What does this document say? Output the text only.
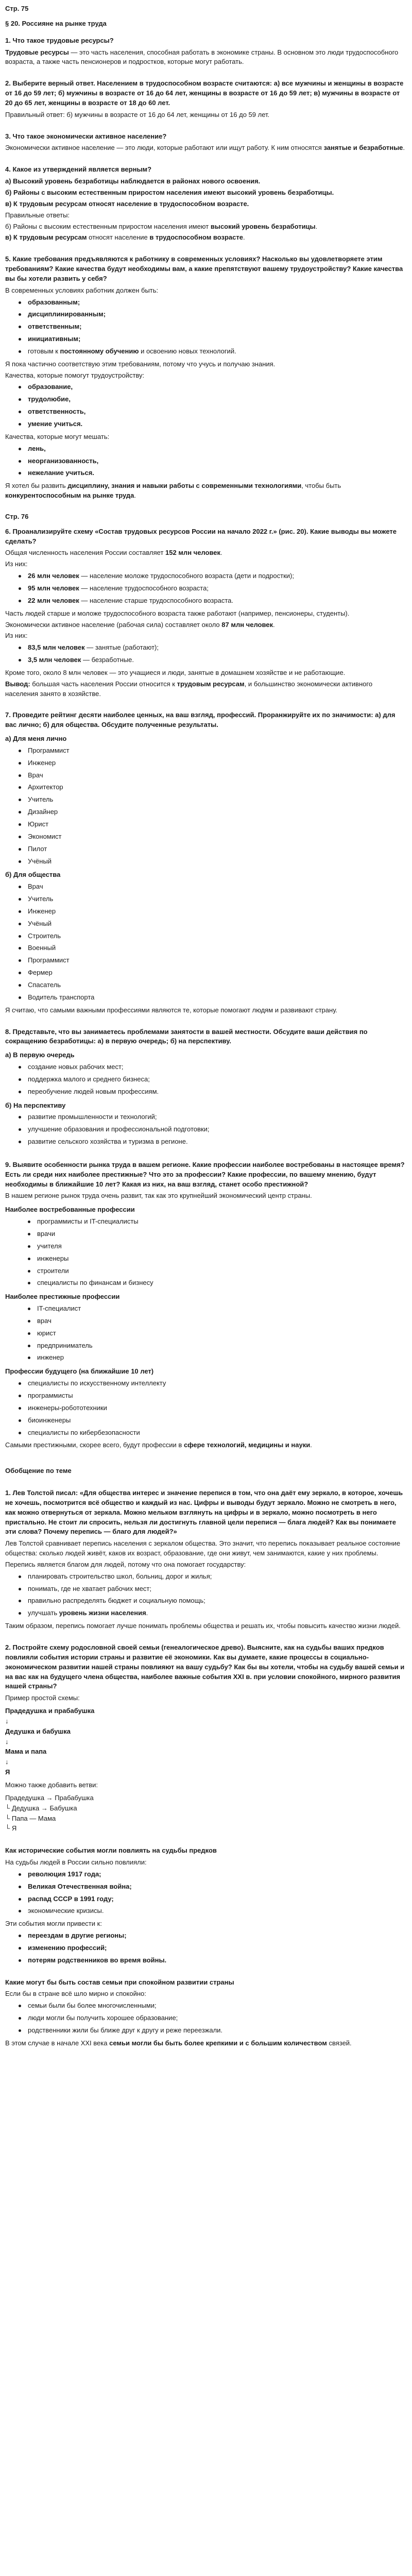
Стр. 75
§ 20. Россияне на рынке труда
1. Что такое трудовые ресурсы?

Трудовые ресурсы — это часть населения, способная работать в экономике страны. В основном это люди трудоспособного возраста, а также часть пенсионеров и подростков, которые могут работать.

2. Выберите верный ответ. Населением в трудоспособном возрасте считаются: а) все мужчины и женщины в возрасте от 16 до 59 лет; б) мужчины в возрасте от 16 до 64 лет, женщины в возрасте от 16 до 59 лет; в) мужчины в возрасте от 20 до 65 лет, женщины в возрасте от 18 до 60 лет.

Правильный ответ: б) мужчины в возрасте от 16 до 64 лет, женщины от 16 до 59 лет.

3. Что такое экономически активное население?

Экономически активное население — это люди, которые работают или ищут работу. К ним относятся занятые и безработные.

4. Какое из утверждений является верным?

а) Высокий уровень безработицы наблюдается в районах нового освоения.

б) Районы с высоким естественным приростом населения имеют высокий уровень безработицы.

в) К трудовым ресурсам относят население в трудоспособном возрасте.

Правильные ответы:

б) Районы с высоким естественным приростом населения имеют высокий уровень безработицы.

в) К трудовым ресурсам относят население в трудоспособном возрасте.

5. Какие требования предъявляются к работнику в современных условиях? Насколько вы удовлетворяете этим требованиям? Какие качества будут необходимы вам, а какие препятствуют вашему трудоустройству? Какие качества вы бы хотели развить у себя?

В современных условиях работник должен быть:

образованным;
дисциплинированным;
ответственным;
инициативным;
готовым к постоянному обучению и освоению новых технологий.

Я пока частично соответствую этим требованиям, потому что учусь и получаю знания.

Качества, которые помогут трудоустройству:

образование,
трудолюбие,
ответственность,
умение учиться.

Качества, которые могут мешать:

лень,
неорганизованность,
нежелание учиться.

Я хотел бы развить дисциплину, знания и навыки работы с современными технологиями, чтобы быть конкурентоспособным на рынке труда.

Стр. 76
6. Проанализируйте схему «Состав трудовых ресурсов России на начало 2022 г.» (рис. 20). Какие выводы вы можете сделать?

Общая численность населения России составляет 152 млн человек.

Из них:

26 млн человек — население моложе трудоспособного возраста (дети и подростки);
95 млн человек — население трудоспособного возраста;
22 млн человек — население старше трудоспособного возраста.

Часть людей старше и моложе трудоспособного возраста также работают (например, пенсионеры, студенты).

Экономически активное население (рабочая сила) составляет около 87 млн человек.

Из них:

83,5 млн человек — занятые (работают);
3,5 млн человек — безработные.

Кроме того, около 8 млн человек — это учащиеся и люди, занятые в домашнем хозяйстве и не работающие.

Вывод: большая часть населения России относится к трудовым ресурсам, и большинство экономически активного населения занято в хозяйстве.

7. Проведите рейтинг десяти наиболее ценных, на ваш взгляд, профессий. Проранжируйте их по значимости: а) для вас лично; б) для общества. Обсудите полученные результаты.
а) Для меня лично
Программист
Инженер
Врач
Архитектор
Учитель
Дизайнер
Юрист
Экономист
Пилот
Учёный
б) Для общества
Врач
Учитель
Инженер
Учёный
Строитель
Военный
Программист
Фермер
Спасатель
Водитель транспорта

Я считаю, что самыми важными профессиями являются те, которые помогают людям и развивают страну.

8. Представьте, что вы занимаетесь проблемами занятости в вашей местности. Обсудите ваши действия по сокращению безработицы: а) в первую очередь; б) на перспективу.
а) В первую очередь
создание новых рабочих мест;
поддержка малого и среднего бизнеса;
переобучение людей новым профессиям.
б) На перспективу
развитие промышленности и технологий;
улучшение образования и профессиональной подготовки;
развитие сельского хозяйства и туризма в регионе.
9. Выявите особенности рынка труда в вашем регионе. Какие профессии наиболее востребованы в настоящее время? Есть ли среди них наиболее престижные? Что это за профессии? Какие профессии, по вашему мнению, будут необходимы в ближайшие 10 лет? Какая из них, на ваш взгляд, станет особо престижной?

В нашем регионе рынок труда очень развит, так как это крупнейший экономический центр страны.

Наиболее востребованные профессии
программисты и IT-специалисты
врачи
учителя
инженеры
строители
специалисты по финансам и бизнесу
Наиболее престижные профессии
IT-специалист
врач
юрист
предприниматель
инженер
Профессии будущего (на ближайшие 10 лет)
специалисты по искусственному интеллекту
программисты
инженеры-робототехники
биоинженеры
специалисты по кибербезопасности

Самыми престижными, скорее всего, будут профессии в сфере технологий, медицины и науки.

Обобщение по теме
1. Лев Толстой писал: «Для общества интерес и значение перепися в том, что она даёт ему зеркало, в которое, хочешь не хочешь, посмотрится всё общество и каждый из нас. Цифры и выводы будут зеркало. Можно не смотреть в него, как можно отвернуться от зеркала. Можно мельком взглянуть на цифры и в зеркало, можно посмотреть в него пристально. Не стоит ли спросить, нельзя ли достигнуть главной цели перепися — блага людей? Как вы понимаете эти слова? Почему перепись — благо для людей?»

Лев Толстой сравнивает перепись населения с зеркалом общества. Это значит, что перепись показывает реальное состояние общества: сколько людей живёт, каков их возраст, образование, где они живут, чем занимаются, какие у них проблемы.

Перепись является благом для людей, потому что она помогает государству:

планировать строительство школ, больниц, дорог и жилья;
понимать, где не хватает рабочих мест;
правильно распределять бюджет и социальную помощь;
улучшать уровень жизни населения.

Таким образом, перепись помогает лучше понимать проблемы общества и решать их, чтобы повысить качество жизни людей.

2. Постройте схему родословной своей семьи (генеалогическое древо). Выясните, как на судьбы ваших предков повлияли события истории страны и развитие её экономики. Как вы думаете, какие процессы в социально-экономическом развитии нашей страны повлияют на вашу судьбу? Как бы вы хотели, чтобы на судьбу вашей семьи и на вас как на будущего члена общества, наиболее важные события XXI в. при условии спокойного, мирного развития нашей страны?

Пример простой схемы:

Прадедушка и прабабушка
↓
Дедушка и бабушка
↓
Мама и папа
↓
Я

Можно также добавить ветви:

Прадедушка → Прабабушка
└ Дедушка → Бабушка
└ Папа — Мама
└ Я
Как исторические события могли повлиять на судьбы предков

На судьбы людей в России сильно повлияли:

революция 1917 года;
Великая Отечественная война;
распад СССР в 1991 году;
экономические кризисы.

Эти события могли привести к:

переездам в другие регионы;
изменению профессий;
потерям родственников во время войны.
Какие могут бы быть состав семьи при спокойном развитии страны

Если бы в стране всё шло мирно и спокойно:

семьи были бы более многочисленными;
люди могли бы получить хорошее образование;
родственники жили бы ближе друг к другу и реже переезжали.

В этом случае в начале XXI века семьи могли бы быть более крепкими и с большим количеством связей.
